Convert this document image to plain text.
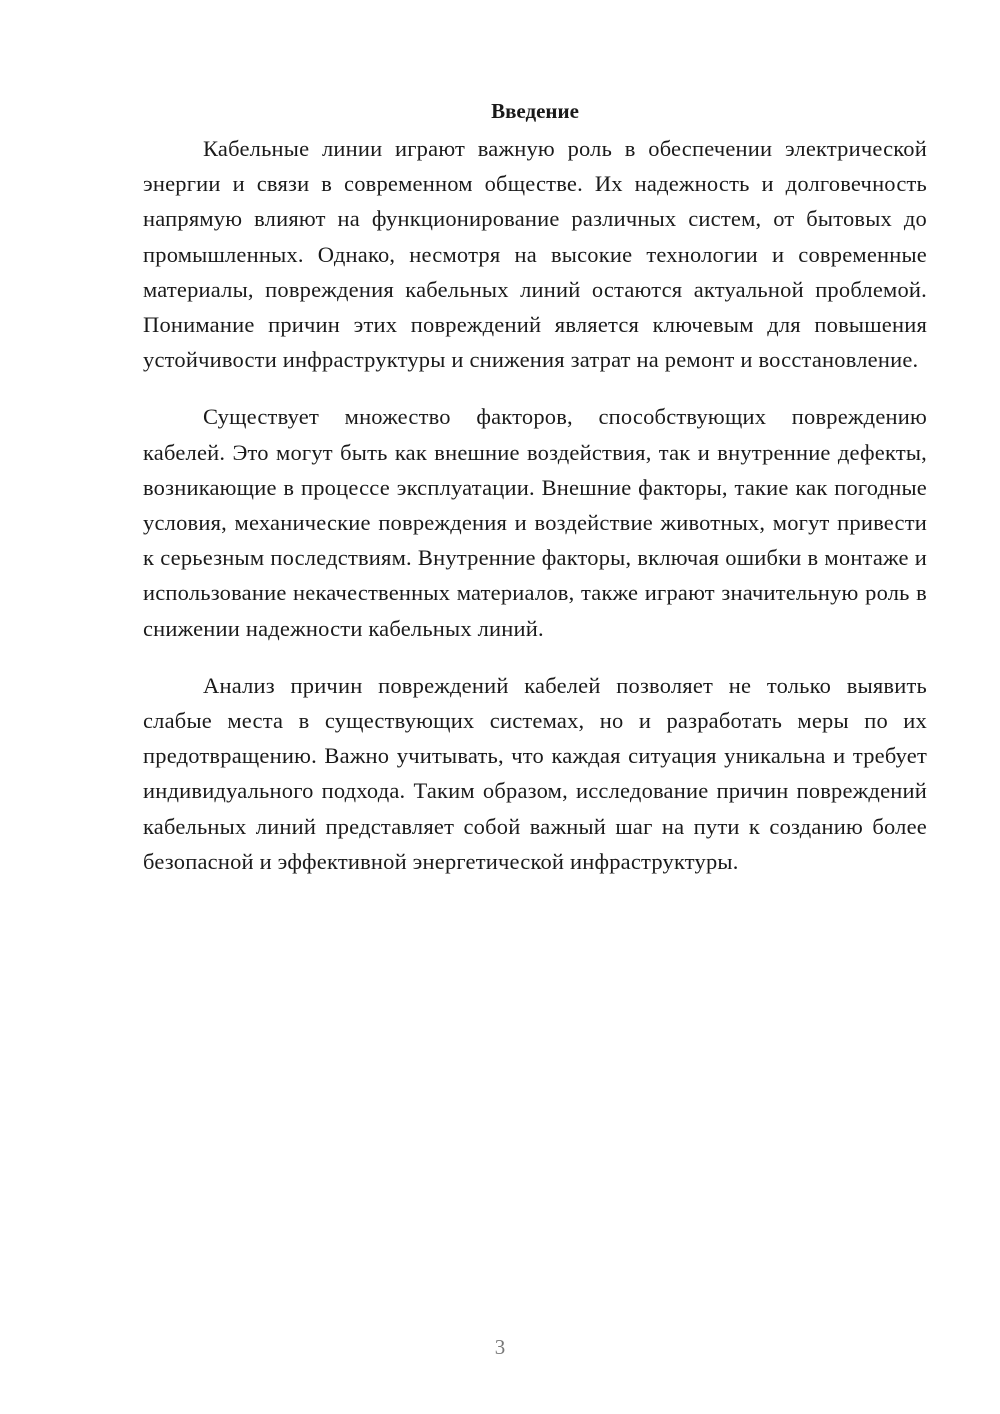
Введение

Кабельные линии играют важную роль в обеспечении электрической энергии и связи в современном обществе. Их надежность и долговечность напрямую влияют на функционирование различных систем, от бытовых до промышленных. Однако, несмотря на высокие технологии и современные материалы, повреждения кабельных линий остаются актуальной проблемой. Понимание причин этих повреждений является ключевым для повышения устойчивости инфраструктуры и снижения затрат на ремонт и восстановление.

Существует множество факторов, способствующих повреждению кабелей. Это могут быть как внешние воздействия, так и внутренние дефекты, возникающие в процессе эксплуатации. Внешние факторы, такие как погодные условия, механические повреждения и воздействие животных, могут привести к серьезным последствиям. Внутренние факторы, включая ошибки в монтаже и использование некачественных материалов, также играют значительную роль в снижении надежности кабельных линий.

Анализ причин повреждений кабелей позволяет не только выявить слабые места в существующих системах, но и разработать меры по их предотвращению. Важно учитывать, что каждая ситуация уникальна и требует индивидуального подхода. Таким образом, исследование причин повреждений кабельных линий представляет собой важный шаг на пути к созданию более безопасной и эффективной энергетической инфраструктуры.

3
